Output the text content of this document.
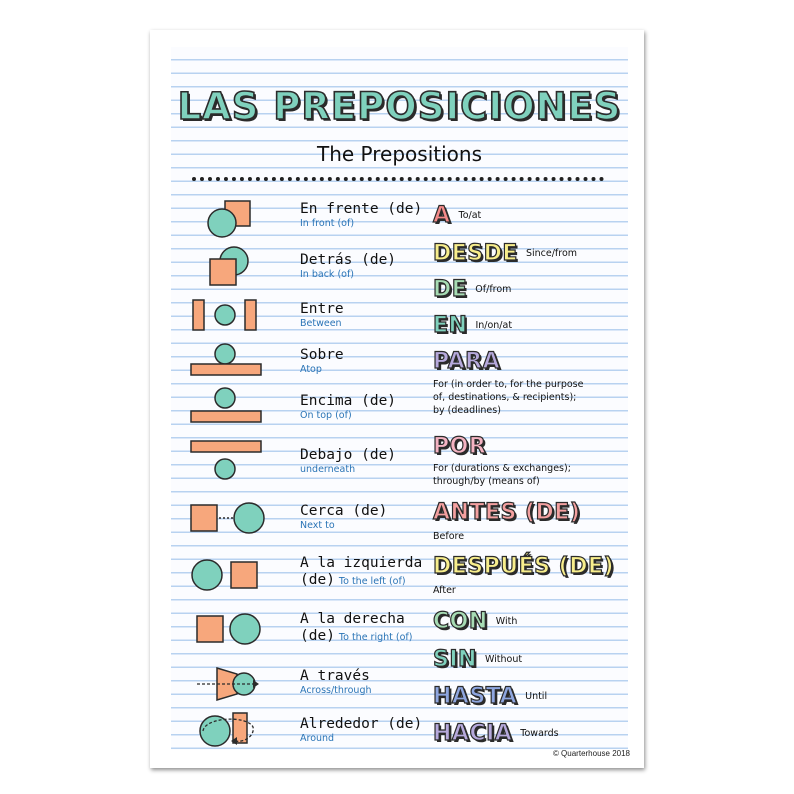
LAS PREPOSICIONES
The Prepositions
En frente (de)
In front (of)
Detrás (de)
In back (of)
Entre
Between
Sobre
Atop
Encima (de)
On top (of)
Debajo (de)
underneath
Cerca (de)
Next to
A la izquierda
(de) To the left (of)
A la derecha
(de) To the right (of)
A través
Across/through
Alrededor (de)
Around
A To/at
DESDE Since/from
DE Of/from
EN In/on/at
PARA
For (in order to, for the purpose
of, destinations, & recipients);
by (deadlines)
POR
For (durations & exchanges);
through/by (means of)
ANTES (DE)
Before
DESPUÉS (DE)
After
CON With
SIN Without
HASTA Until
HACIA Towards
© Quarterhouse 2018
